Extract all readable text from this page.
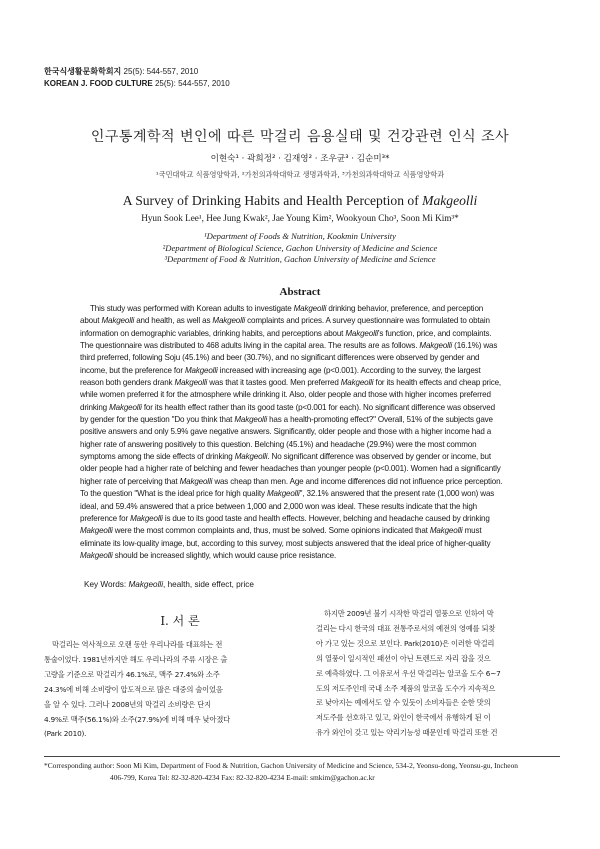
한국식생활문화학회지 25(5): 544-557, 2010
KOREAN J. FOOD CULTURE 25(5): 544-557, 2010
인구통계학적 변인에 따른 막걸리 음용실태 및 건강관련 인식 조사
이현숙¹ · 곽희정² · 김재영² · 조우균³ · 김순미³*
¹국민대학교 식품영양학과, ²가천의과학대학교 생명과학과, ³가천의과학대학교 식품영양학과
A Survey of Drinking Habits and Health Perception of Makgeolli
Hyun Sook Lee¹, Hee Jung Kwak², Jae Young Kim², Wookyoun Cho³, Soon Mi Kim³*
¹Department of Foods & Nutrition, Kookmin University
²Department of Biological Science, Gachon University of Medicine and Science
³Department of Food & Nutrition, Gachon University of Medicine and Science
Abstract
This study was performed with Korean adults to investigate Makgeolli drinking behavior, preference, and perception
about Makgeolli and health, as well as Makgeolli complaints and prices. A survey questionnaire was formulated to obtain
information on demographic variables, drinking habits, and perceptions about Makgeolli's function, price, and complaints.
The questionnaire was distributed to 468 adults living in the capital area. The results are as follows. Makgeolli (16.1%) was
third preferred, following Soju (45.1%) and beer (30.7%), and no significant differences were observed by gender and
income, but the preference for Makgeolli increased with increasing age (p<0.001). According to the survey, the largest
reason both genders drank Makgeolli was that it tastes good. Men preferred Makgeolli for its health effects and cheap price,
while women preferred it for the atmosphere while drinking it. Also, older people and those with higher incomes preferred
drinking Makgeolli for its health effect rather than its good taste (p<0.001 for each). No significant difference was observed
by gender for the question "Do you think that Makgeolli has a health-promoting effect?" Overall, 51% of the subjects gave
positive answers and only 5.9% gave negative answers. Significantly, older people and those with a higher income had a
higher rate of answering positively to this question. Belching (45.1%) and headache (29.9%) were the most common
symptoms among the side effects of drinking Makgeolli. No significant difference was observed by gender or income, but
older people had a higher rate of belching and fewer headaches than younger people (p<0.001). Women had a significantly
higher rate of perceiving that Makgeolli was cheap than men. Age and income differences did not influence price perception.
To the question "What is the ideal price for high quality Makgeolli", 32.1% answered that the present rate (1,000 won) was
ideal, and 59.4% answered that a price between 1,000 and 2,000 won was ideal. These results indicate that the high
preference for Makgeolli is due to its good taste and health effects. However, belching and headache caused by drinking
Makgeolli were the most common complaints and, thus, must be solved. Some opinions indicated that Makgeolli must
eliminate its low-quality image, but, according to this survey, most subjects answered that the ideal price of higher-quality
Makgeolli should be increased slightly, which would cause price resistance.
Key Words: Makgeolli, health, side effect, price
I. 서 론
막걸리는 역사적으로 오랜 동안 우리나라를 대표하는 전
통술이었다. 1981년까지만 해도 우리나라의 주류 시장은 출
고량을 기준으로 막걸리가 46.1%로, 맥주 27.4%와 소주
24.3%에 비해 소비량이 압도적으로 많은 대중의 술이었음
을 알 수 있다. 그러나 2008년의 막걸리 소비량은 단지
4.9%로 맥주(56.1%)와 소주(27.9%)에 비해 매우 낮아졌다
(Park 2010).
하지만 2009년 불기 시작한 막걸리 열풍으로 인하여 막
걸리는 다시 한국의 대표 전통주로서의 예전의 영예를 되찾
아 가고 있는 것으로 보인다. Park(2010)은 이러한 막걸리
의 열풍이 일시적인 패션이 아닌 트렌드로 자리 잡을 것으
로 예측하였다. 그 이유로서 우선 막걸리는 알코올 도수 6~7
도의 저도주인데 국내 소주 제품의 알코올 도수가 지속적으
로 낮아지는 예에서도 알 수 있듯이 소비자들은 순한 맛의
저도주를 선호하고 있고, 와인이 한국에서 유행하게 된 이
유가 와인이 갖고 있는 약리기능성 때문인데 막걸리 또한 건
*Corresponding author: Soon Mi Kim, Department of Food & Nutrition, Gachon University of Medicine and Science, 534-2, Yeonsu-dong, Yeonsu-gu, Incheon
406-799, Korea Tel: 82-32-820-4234 Fax: 82-32-820-4234 E-mail: smkim@gachon.ac.kr
